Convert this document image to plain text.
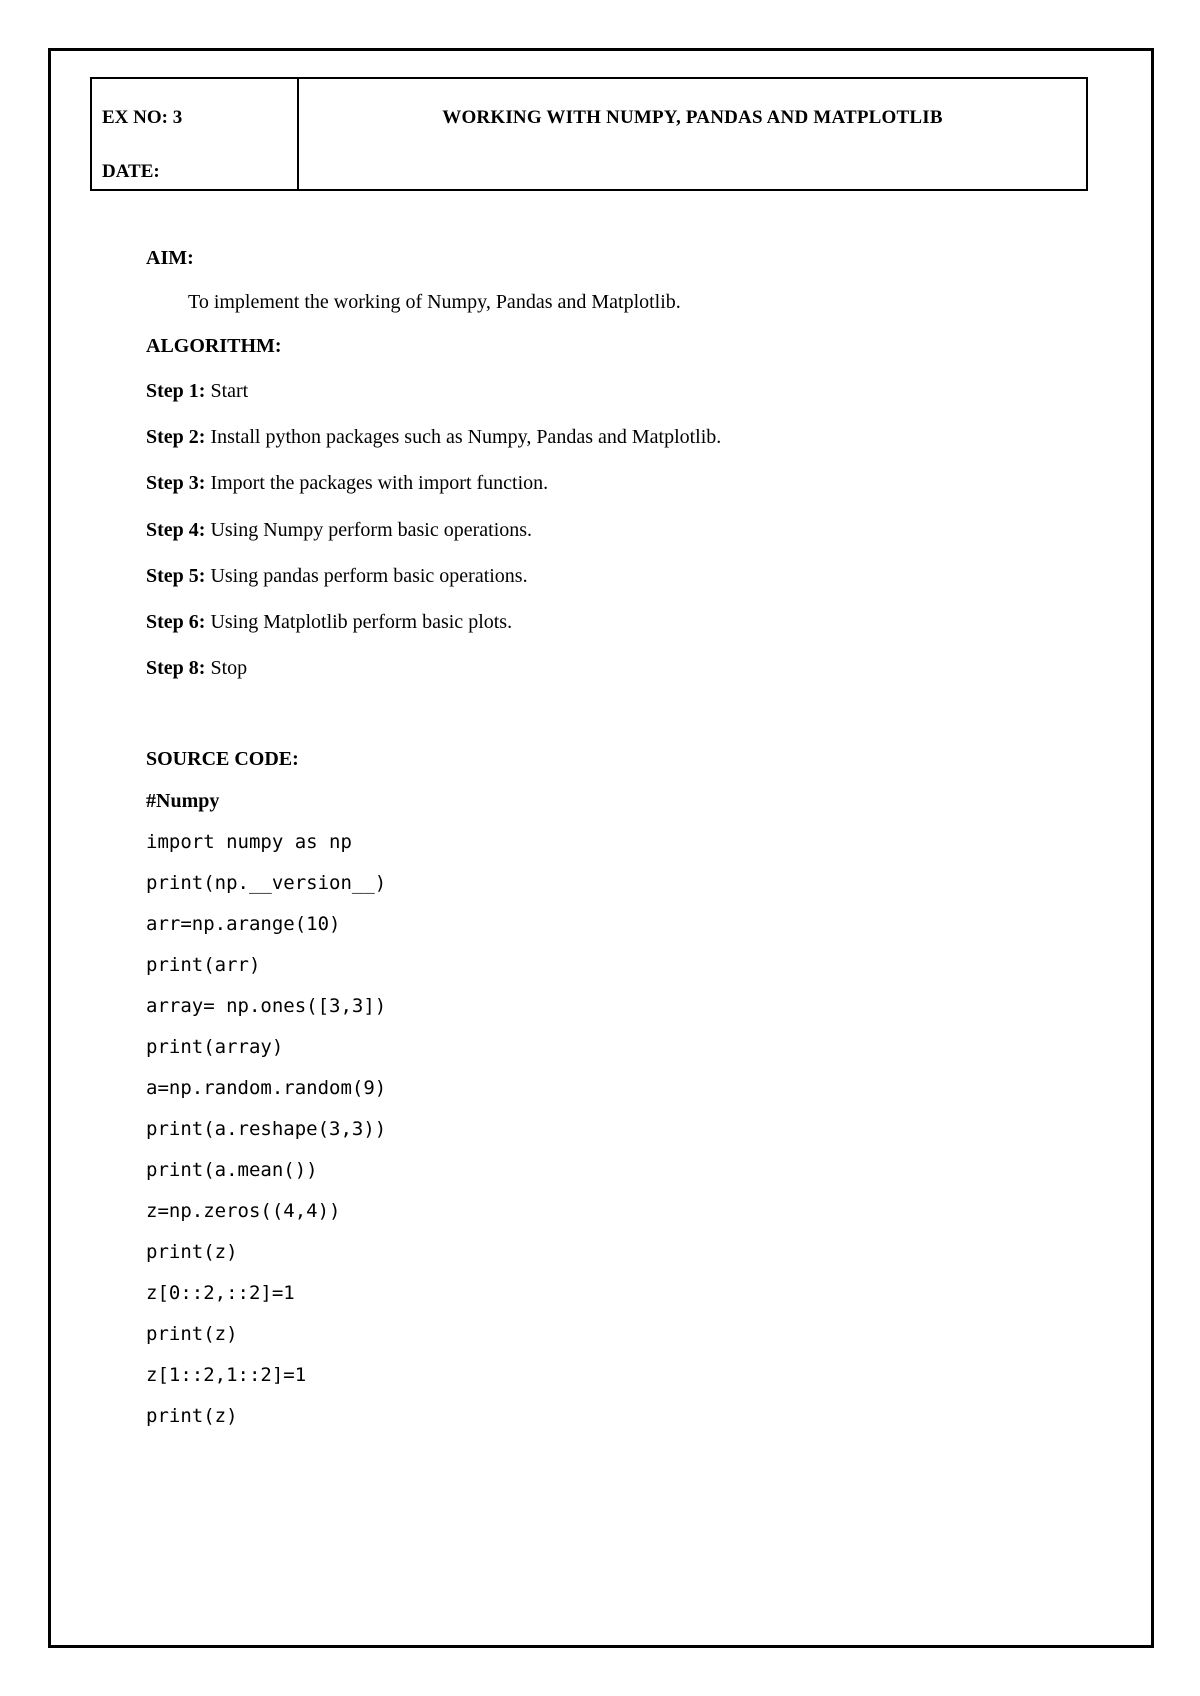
EX NO: 3
DATE:
WORKING WITH NUMPY, PANDAS AND MATPLOTLIB

AIM:

To implement the working of Numpy, Pandas and Matplotlib.

ALGORITHM:

Step 1: Start

Step 2: Install python packages such as Numpy, Pandas and Matplotlib.

Step 3: Import the packages with import function.

Step 4: Using Numpy perform basic operations.

Step 5: Using pandas perform basic operations.

Step 6: Using Matplotlib perform basic plots.

Step 8: Stop

SOURCE CODE:

#Numpy

import numpy as np

print(np.__version__)

arr=np.arange(10)

print(arr)

array= np.ones([3,3])

print(array)

a=np.random.random(9)

print(a.reshape(3,3))

print(a.mean())

z=np.zeros((4,4))

print(z)

z[0::2,::2]=1

print(z)

z[1::2,1::2]=1

print(z)
